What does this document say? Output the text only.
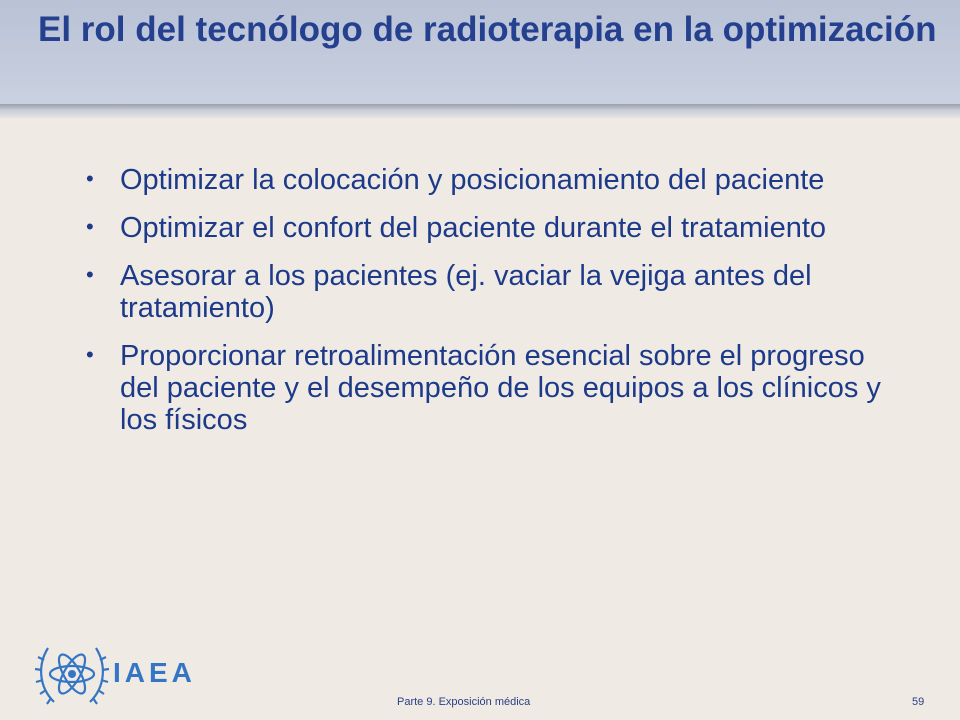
El rol del tecnólogo de radioterapia en la optimización
• Optimizar la colocación y posicionamiento del paciente
• Optimizar el confort del paciente durante el tratamiento
• Asesorar a los pacientes (ej. vaciar la vejiga antes del tratamiento)
• Proporcionar retroalimentación esencial sobre el progreso del paciente y el desempeño de los equipos a los clínicos y los físicos
IAEA
Parte 9. Exposición médica	59
